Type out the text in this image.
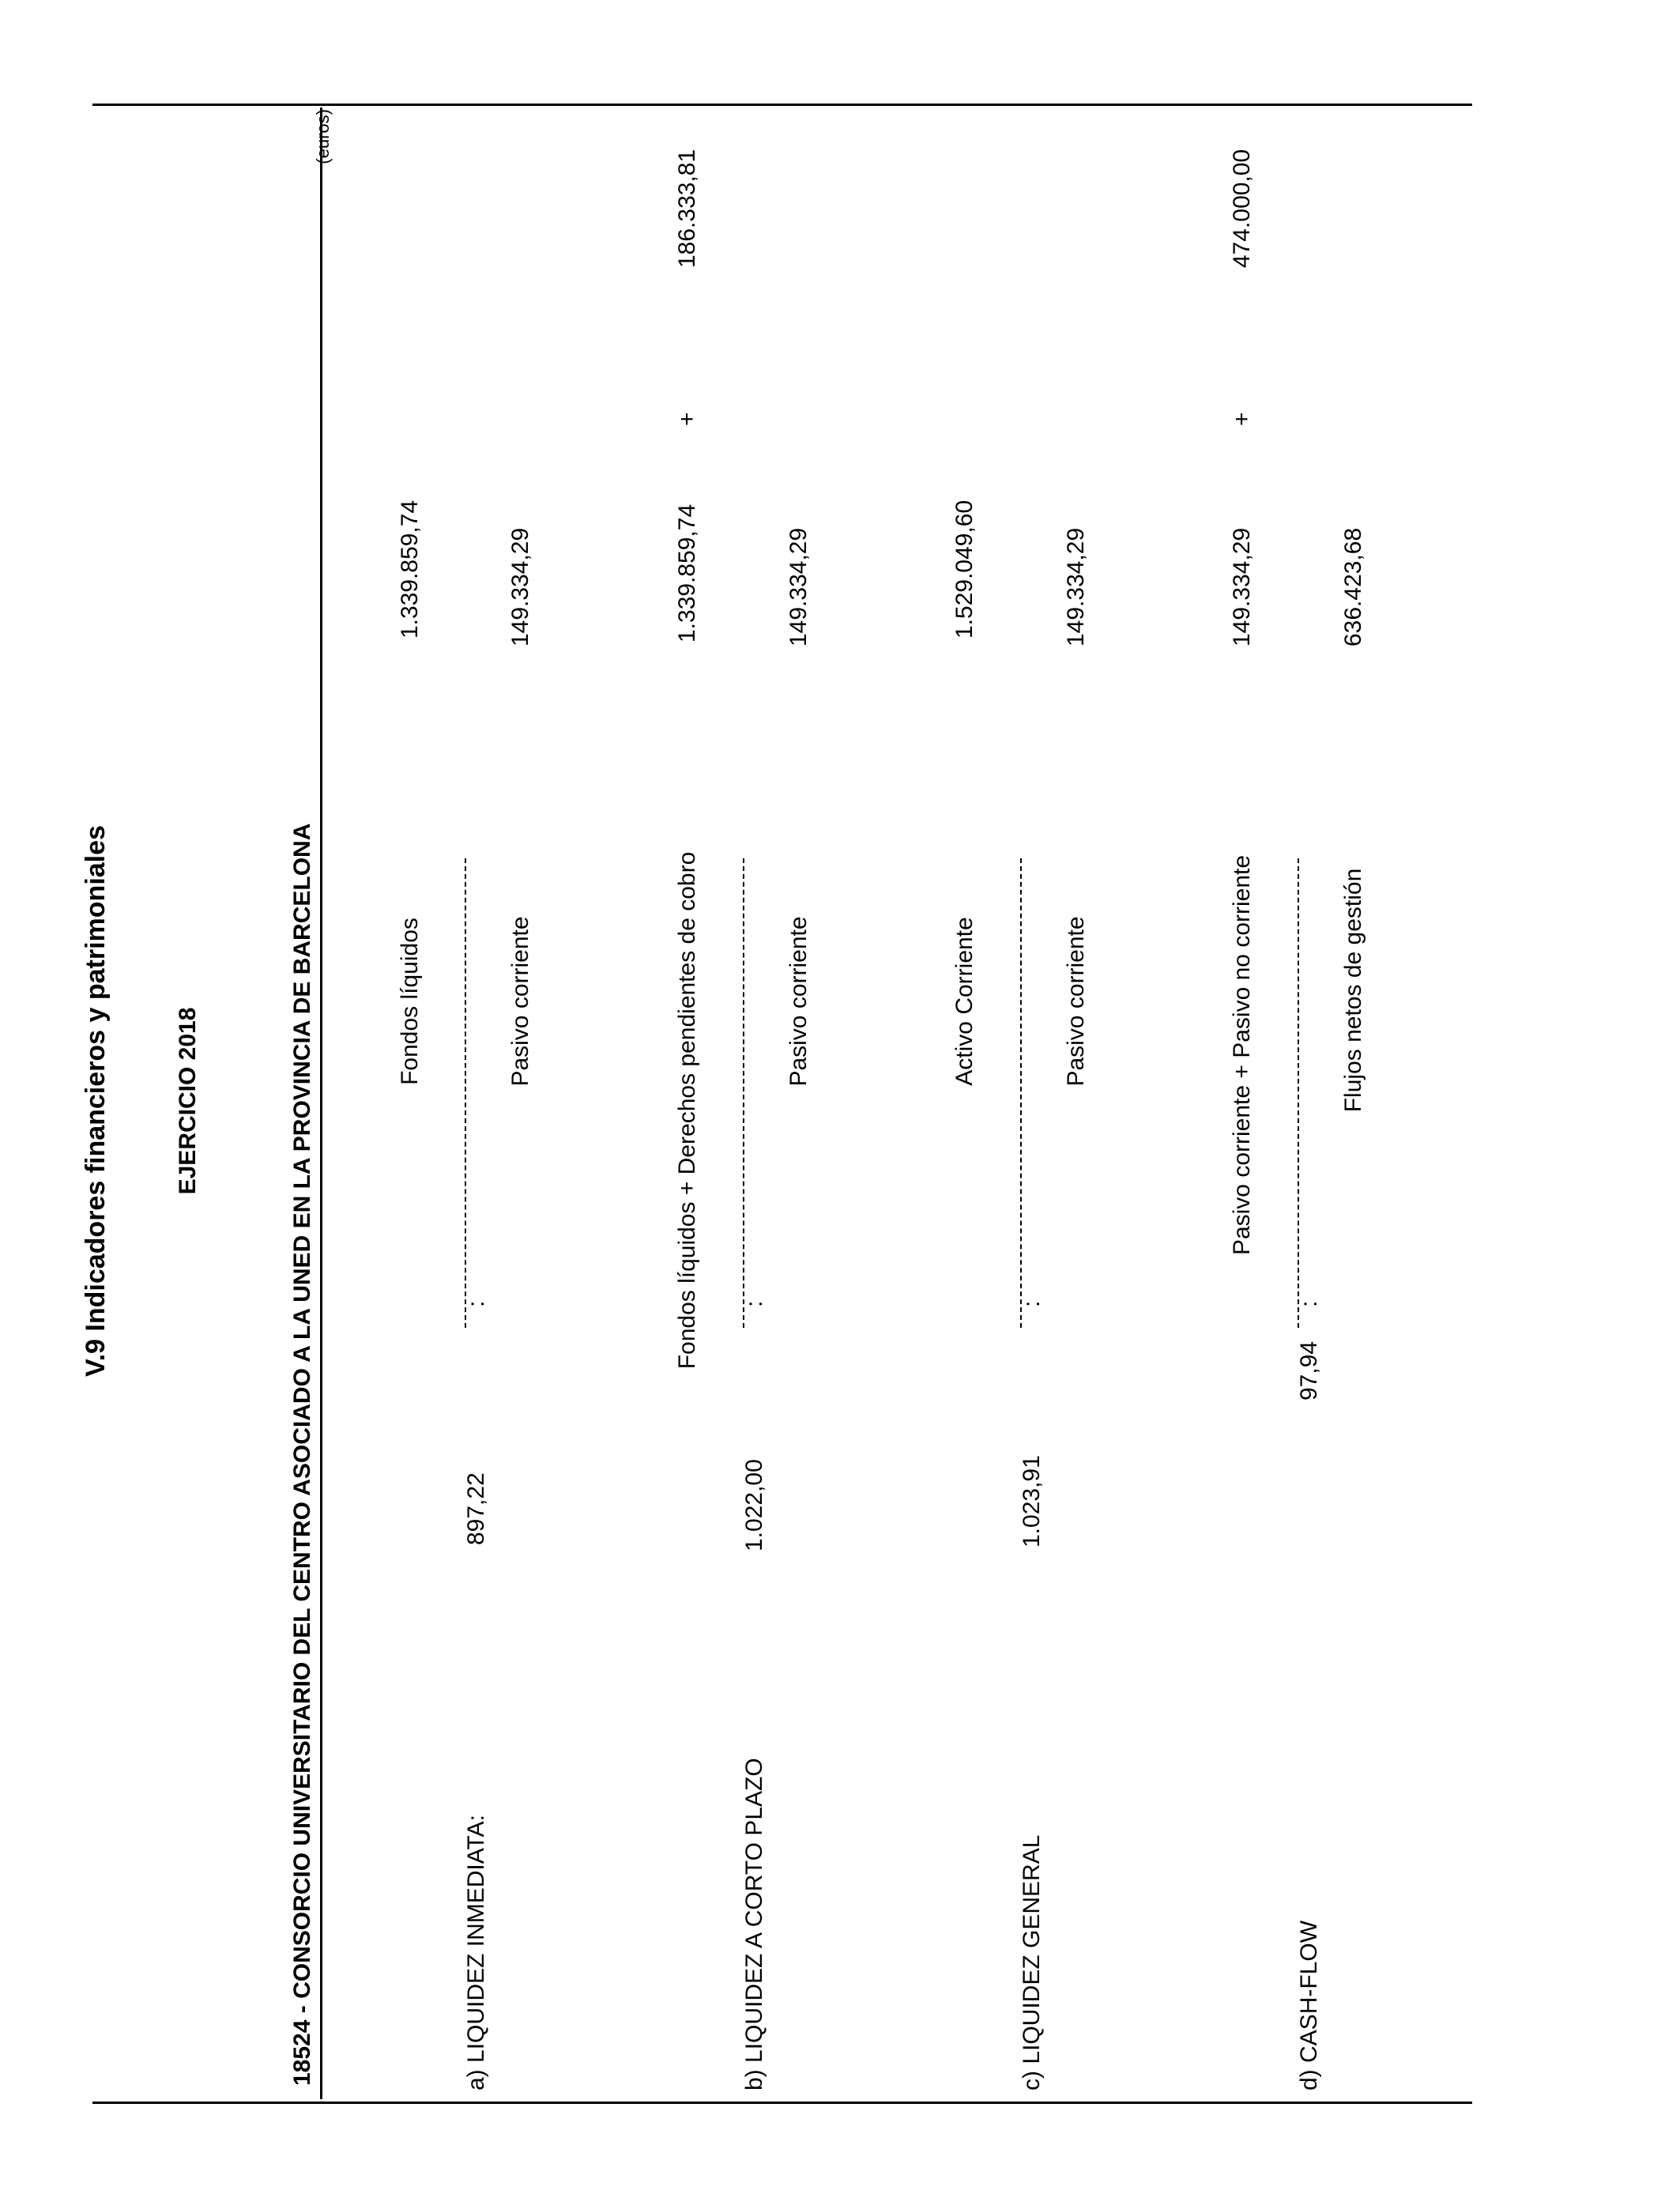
V.9 Indicadores financieros y patrimoniales	EJERCICIO 2018	18524 - CONSORCIO UNIVERSITARIO DEL CENTRO ASOCIADO A LA UNED EN LA PROVINCIA DE BARCELONA
(euros)
a) LIQUIDEZ INMEDIATA:
897,22
:
Fondos líquidos
1.339.859,74
Pasivo corriente
149.334,29
b) LIQUIDEZ A CORTO PLAZO
1.022,00
:
Fondos líquidos + Derechos pendientes de cobro
1.339.859,74
+
186.333,81
Pasivo corriente
149.334,29
c) LIQUIDEZ GENERAL
1.023,91
:
Activo Corriente
1.529.049,60
Pasivo corriente
149.334,29
d) CASH-FLOW
97,94
:
Pasivo corriente + Pasivo no corriente
149.334,29
+
474.000,00
Flujos netos de gestión
636.423,68
